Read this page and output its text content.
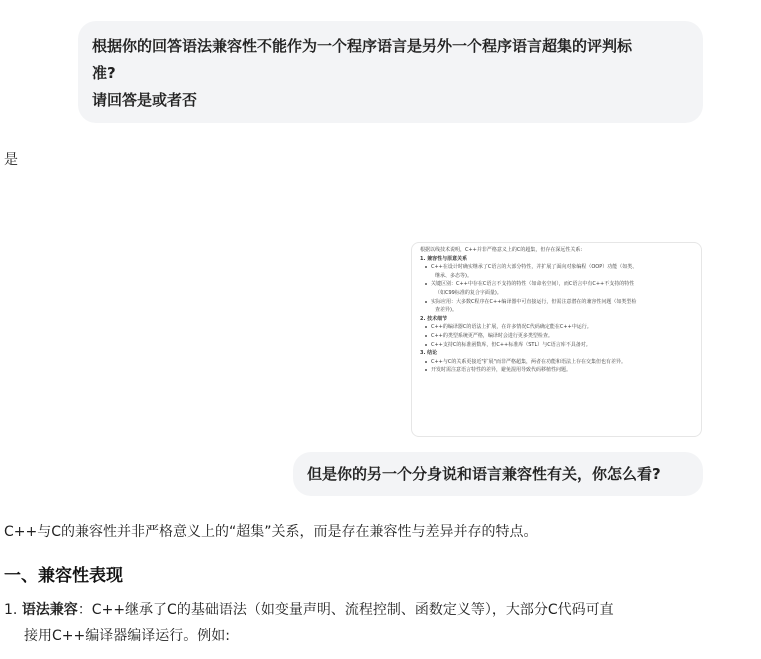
根据你的回答语法兼容性不能作为一个程序语言是另外一个程序语言超集的评判标
准?
请回答是或者否
是
根据以线技术说明，C++并非严格意义上的C的超集，但存在深远性关系:
1. 兼容性与原意关系
C++在设计时确实继承了C语言的大部分特性，并扩展了面向对象编程（OOP）功能（如类、
继承、多态等)。
关键区别：C++中存在C语言不支持的特性（如命名空间），而C语言中有C++不支持的特性
（如C99标准的复合字面量)。
实际应用：大多数C程序在C++编译器中可直接运行，但需注意潜在的兼容性问题（如类型检
查差异)。
2. 技术细节
C++的编译器C的语法上扩展，在许多情况C代码确定能在C++中运行。
C++的类型系统更严格，编译时会进行更多类型检查。
C++支持C的标准函数库，但C++标准库（STL）与C语言库不具备对。
3. 结论
C++与C的关系更接近"扩展"而非严格超集，两者在功能和语法上存在交集但也有差异。
开发时需注意语言特性的差异，避免混用导致代码移植性问题。
但是你的另一个分身说和语言兼容性有关，你怎么看?
C++与C的兼容性并非严格意义上的“超集”关系，而是存在兼容性与差异并存的特点。
一、兼容性表现
1. 语法兼容：C++继承了C的基础语法（如变量声明、流程控制、函数定义等），大部分C代码可直
接用C++编译器编译运行。例如:
